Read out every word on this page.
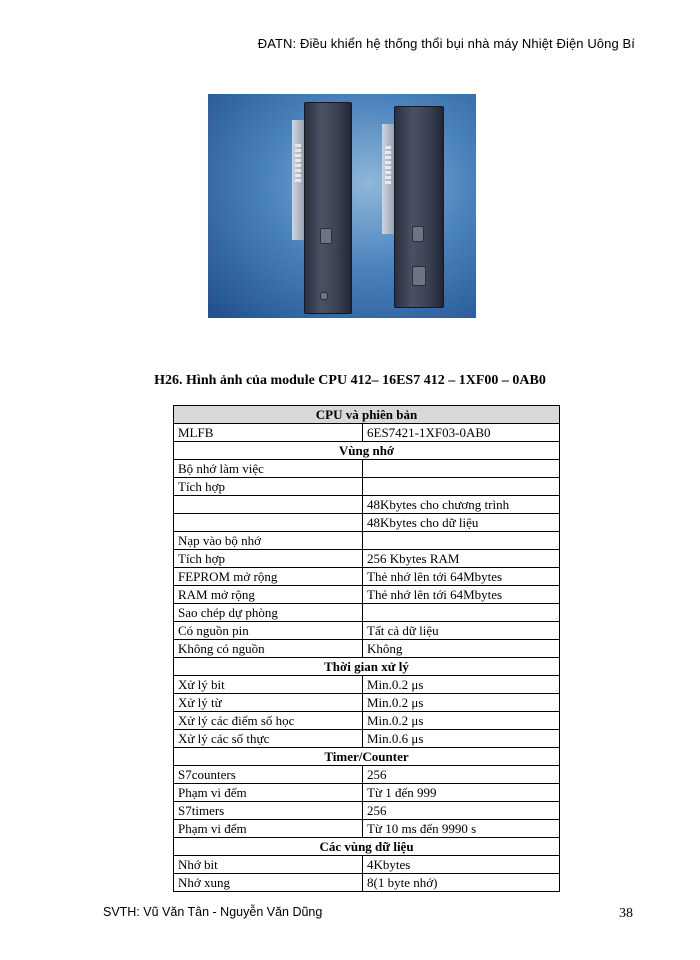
ĐATN: Điều khiển hệ thống thổi bụi nhà máy Nhiệt Điện Uông Bí
H26. Hình ảnh của module CPU 412– 16ES7 412 – 1XF00 – 0AB0
CPU và phiên bản	
MLFB	6ES7421-1XF03-0AB0
Vùng nhớ	
Bộ nhớ làm việc	
Tích hợp	
	48Kbytes cho chương trình
	48Kbytes cho dữ liệu
Nạp vào bộ nhớ	
Tích hợp	256 Kbytes RAM
FEPROM mở rộng	Thẻ nhớ lên tới 64Mbytes
RAM mở rộng	Thẻ nhớ lên tới 64Mbytes
Sao chép dự phòng	
Có nguồn pin	Tất cả dữ liệu
Không có nguồn	Không
Thời gian xử lý	
Xử lý bit	Min.0.2 μs
Xử lý từ	Min.0.2 μs
Xử lý các điểm số học	Min.0.2 μs
Xử lý các số thực	Min.0.6 μs
Timer/Counter	
S7counters	256
Phạm vi đếm	Từ 1 đến 999
S7timers	256
Phạm vi đếm	Từ 10 ms đến 9990 s
Các vùng dữ liệu	
Nhớ bit	4Kbytes
Nhớ xung	8(1 byte nhớ)
SVTH: Vũ Văn Tân - Nguyễn Văn Dũng	38
